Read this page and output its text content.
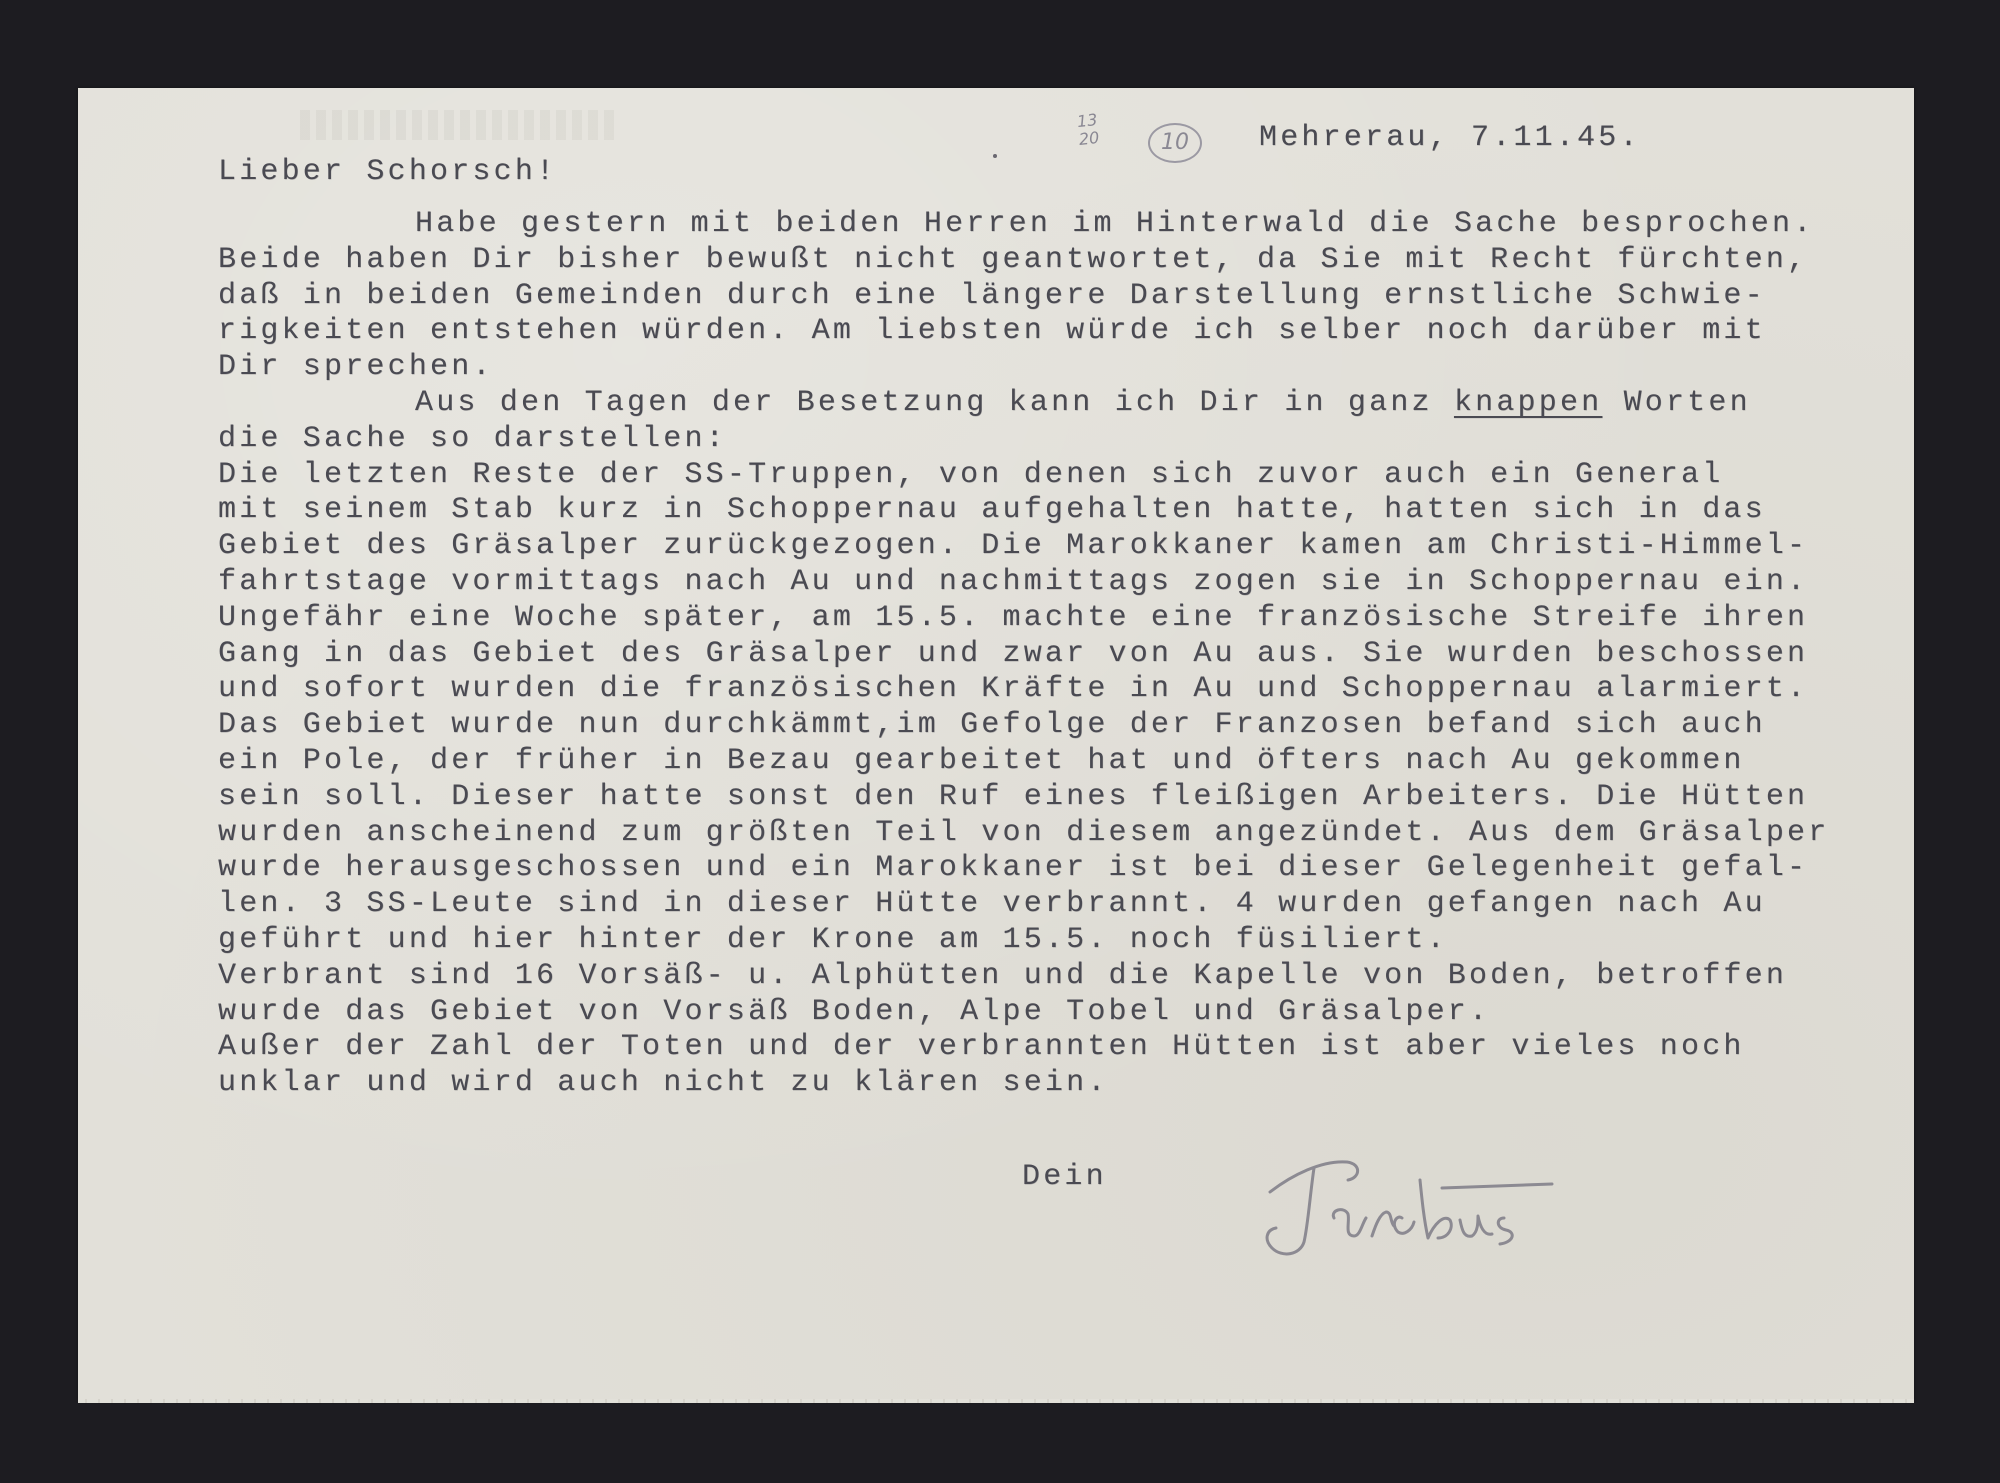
13
20	10	Mehrerau, 7.11.45.
Lieber Schorsch!
Habe gestern mit beiden Herren im Hinterwald die Sache besprochen.
Beide haben Dir bisher bewußt nicht geantwortet, da Sie mit Recht fürchten,
daß in beiden Gemeinden durch eine längere Darstellung ernstliche Schwie-
rigkeiten entstehen würden. Am liebsten würde ich selber noch darüber mit
Dir sprechen.
Aus den Tagen der Besetzung kann ich Dir in ganz knappen Worten
die Sache so darstellen:
Die letzten Reste der SS-Truppen, von denen sich zuvor auch ein General
mit seinem Stab kurz in Schoppernau aufgehalten hatte, hatten sich in das
Gebiet des Gräsalper zurückgezogen. Die Marokkaner kamen am Christi-Himmel-
fahrtstage vormittags nach Au und nachmittags zogen sie in Schoppernau ein.
Ungefähr eine Woche später, am 15.5. machte eine französische Streife ihren
Gang in das Gebiet des Gräsalper und zwar von Au aus. Sie wurden beschossen
und sofort wurden die französischen Kräfte in Au und Schoppernau alarmiert.
Das Gebiet wurde nun durchkämmt,im Gefolge der Franzosen befand sich auch
ein Pole, der früher in Bezau gearbeitet hat und öfters nach Au gekommen
sein soll. Dieser hatte sonst den Ruf eines fleißigen Arbeiters. Die Hütten
wurden anscheinend zum größten Teil von diesem angezündet. Aus dem Gräsalper
wurde herausgeschossen und ein Marokkaner ist bei dieser Gelegenheit gefal-
len. 3 SS-Leute sind in dieser Hütte verbrannt. 4 wurden gefangen nach Au
geführt und hier hinter der Krone am 15.5. noch füsiliert.
Verbrant sind 16 Vorsäß- u. Alphütten und die Kapelle von Boden, betroffen
wurde das Gebiet von Vorsäß Boden, Alpe Tobel und Gräsalper.
Außer der Zahl der Toten und der verbrannten Hütten ist aber vieles noch
unklar und wird auch nicht zu klären sein.
Dein
